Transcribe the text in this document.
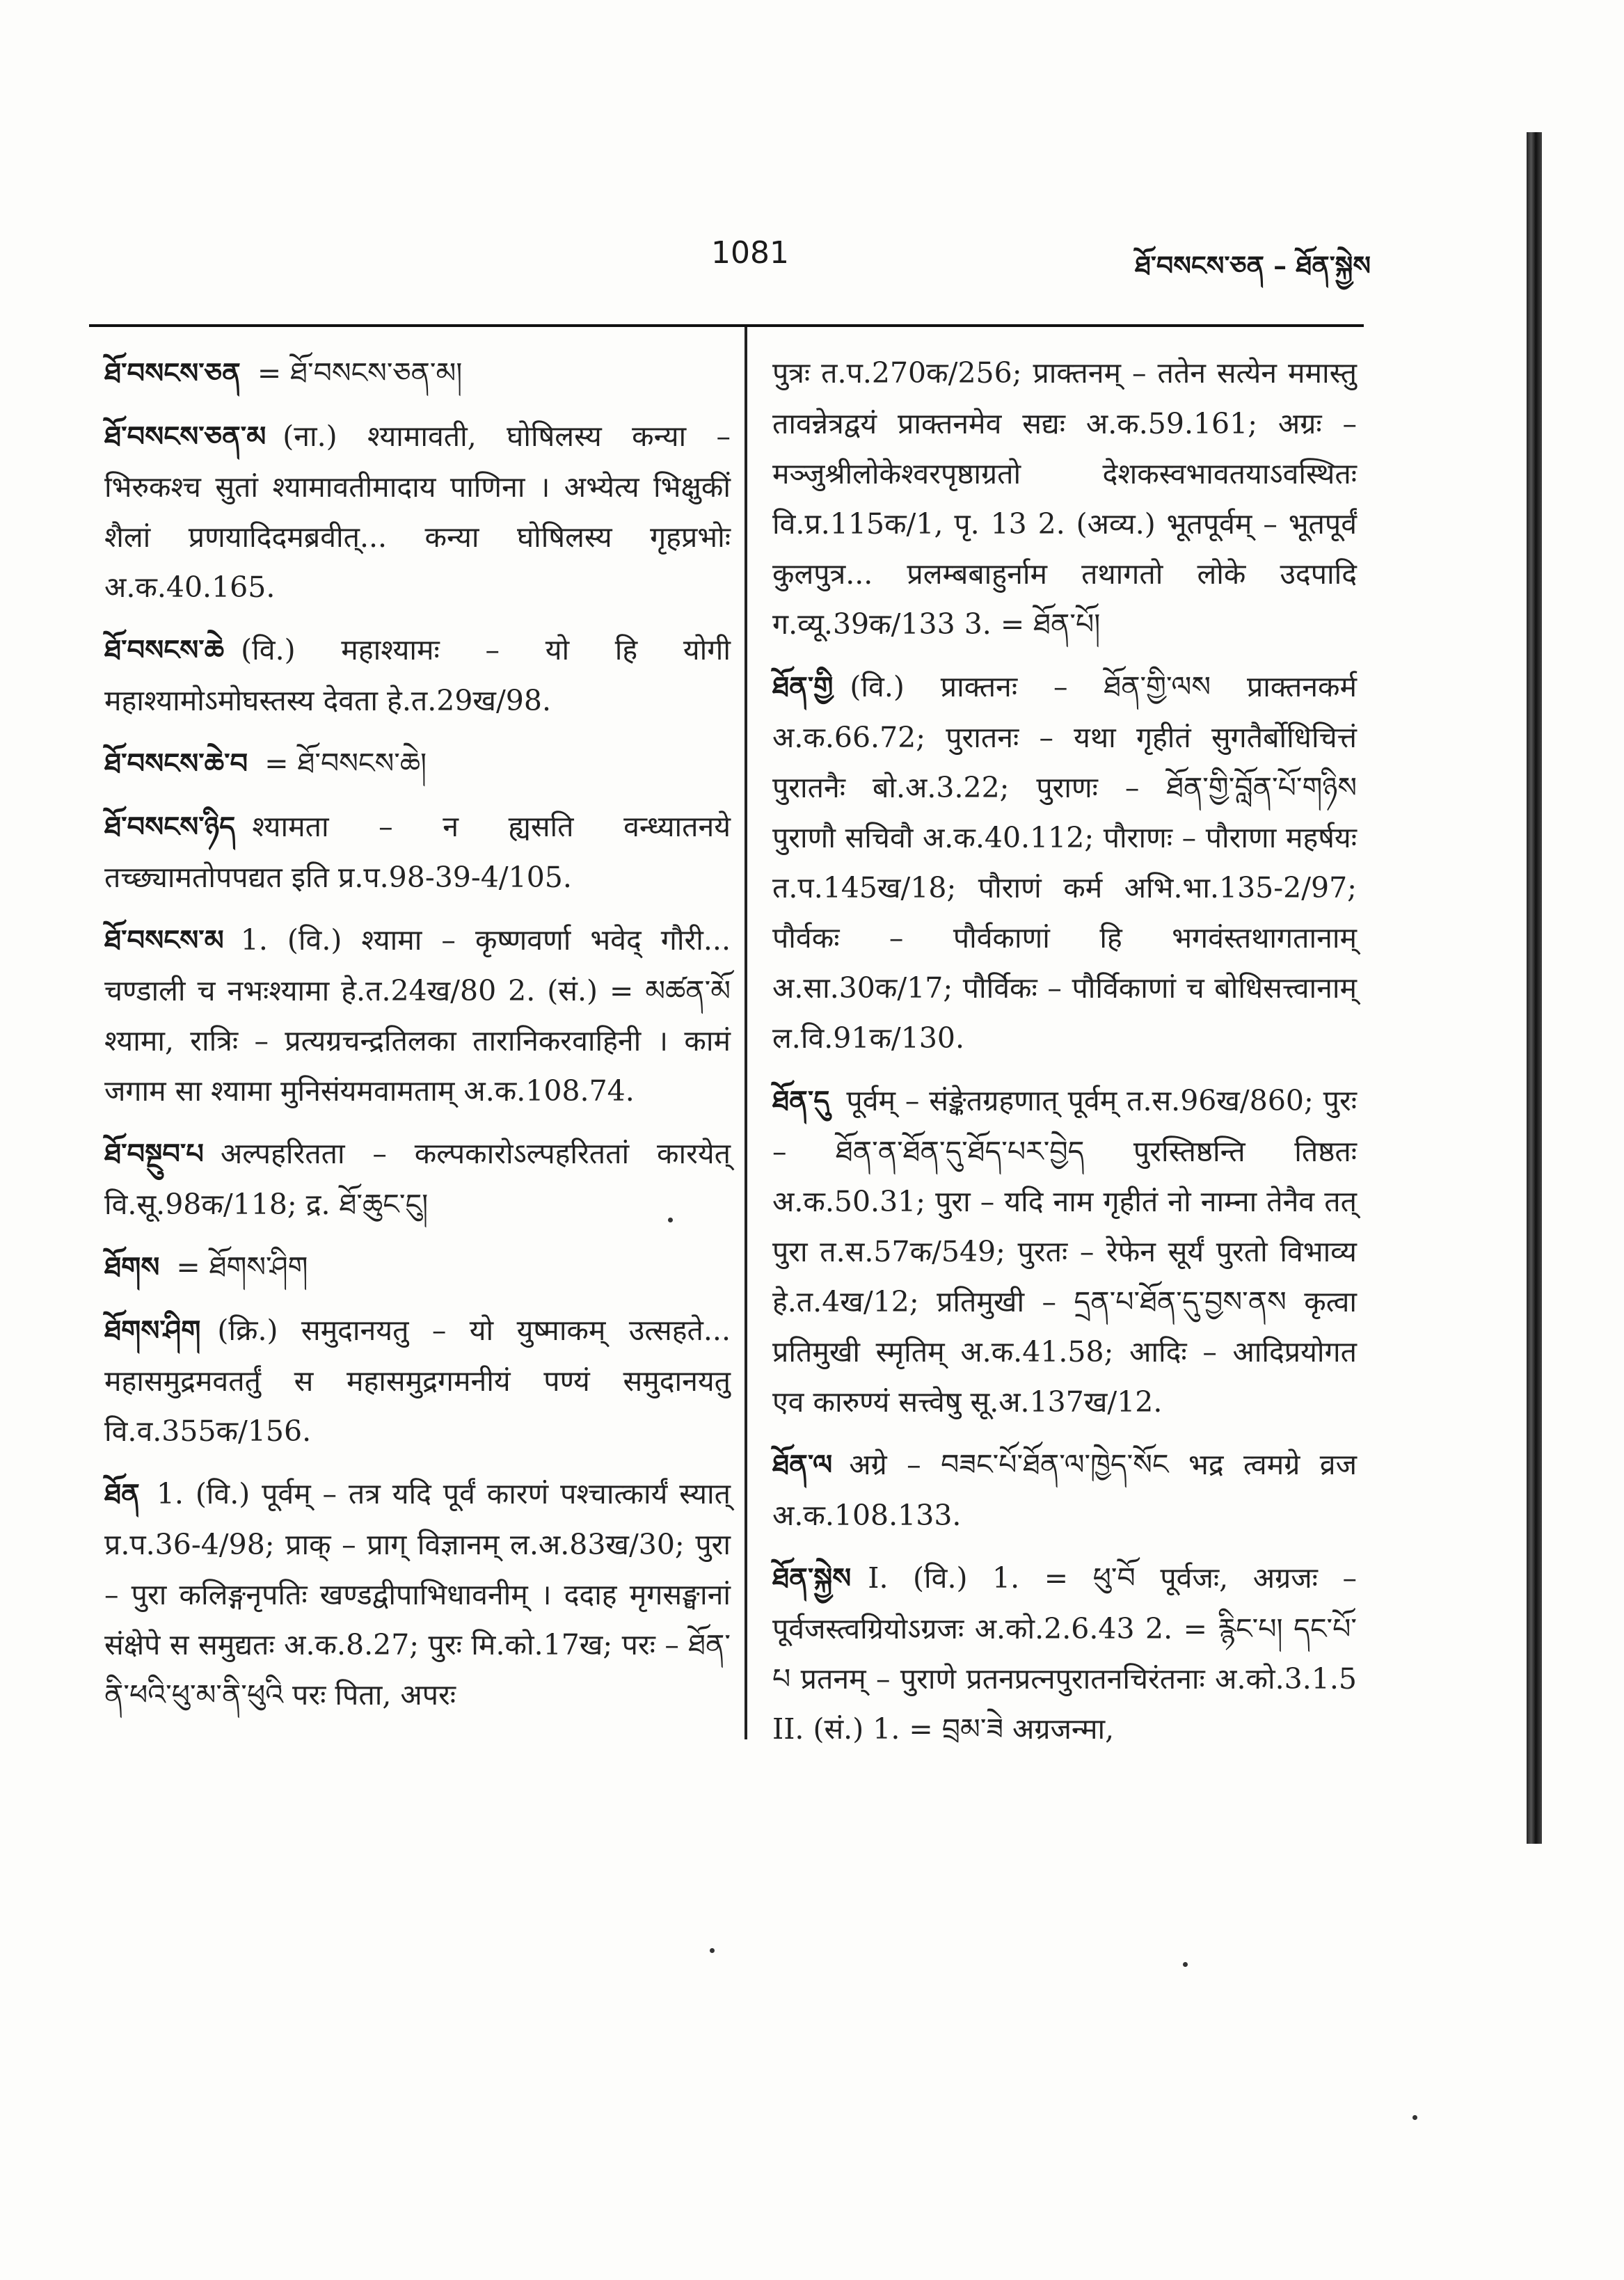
1081	ཐོ་བསངས་ཅན – ཐོན་སྐྱེས

ཐོ་བསངས་ཅན = ཐོ་བསངས་ཅན་མ།

ཐོ་བསངས་ཅན་མ (ना.) श्यामावती, घोषिलस्य कन्या – भिरुकश्च सुतां श्यामावतीमादाय पाणिना । अभ्येत्य भिक्षुकीं शैलां प्रणयादिदमब्रवीत्... कन्या घोषिलस्य गृहप्रभोः अ.क.40.165.

ཐོ་བསངས་ཆེ (वि.) महाश्यामः – यो हि योगी महाश्यामोऽमोघस्तस्य देवता हे.त.29ख/98.

ཐོ་བསངས་ཆེ་བ = ཐོ་བསངས་ཆེ།

ཐོ་བསངས་ཉིད श्यामता – न ह्यसति वन्ध्यातनये तच्छ्यामतोपपद्यत इति प्र.प.98-39-4/105.

ཐོ་བསངས་མ 1. (वि.) श्यामा – कृष्णवर्णा भवेद् गौरी... चण्डाली च नभःश्यामा हे.त.24ख/80 2. (सं.) = མཚན་མོ श्यामा, रात्रिः – प्रत्यग्रचन्द्रतिलका तारानिकरवाहिनी । कामं जगाम सा श्यामा मुनिसंयमवामताम् अ.क.108.74.

ཐོ་བསྔུབ་པ अल्पहरितता – कल्पकारोऽल्पहरिततां कारयेत् वि.सू.98क/118; द्र. ཐོ་ཆུང་ངུ།

ཐོགས = ཐོགས་ཤིག

ཐོགས་ཤིག (क्रि.) समुदानयतु – यो युष्माकम् उत्सहते... महासमुद्रमवतर्तुं स महासमुद्रगमनीयं पण्यं समुदानयतु वि.व.355क/156.

ཐོན 1. (वि.) पूर्वम् – तत्र यदि पूर्वं कारणं पश्चात्कार्यं स्यात् प्र.प.36-4/98; प्राक् – प्राग् विज्ञानम् ल.अ.83ख/30; पुरा – पुरा कलिङ्गनृपतिः खण्डद्वीपाभिधावनीम् । ददाह मृगसङ्घानां संक्षेपे स समुद्यतः अ.क.8.27; पुरः मि.को.17ख; परः – ཐོན་ནི་ཕའི་ཕུ་མ་ནི་ཕུའི परः पिता, अपरः

पुत्रः त.प.270क/256; प्राक्तनम् – ततेन सत्येन ममास्तु तावन्नेत्रद्वयं प्राक्तनमेव सद्यः अ.क.59.161; अग्रः – मञ्जुश्रीलोकेश्वरपृष्ठाग्रतो देशकस्वभावतयाऽवस्थितः वि.प्र.115क/1, पृ. 13 2. (अव्य.) भूतपूर्वम् – भूतपूर्वं कुलपुत्र... प्रलम्बबाहुर्नाम तथागतो लोके उदपादि ग.व्यू.39क/133 3. = ཐོན་པོ།

ཐོན་གྱི (वि.) प्राक्तनः – ཐོན་གྱི་ལས प्राक्तनकर्म अ.क.66.72; पुरातनः – यथा गृहीतं सुगतैर्बोधिचित्तं पुरातनैः बो.अ.3.22; पुराणः – ཐོན་གྱི་བློན་པོ་གཉིས पुराणौ सचिवौ अ.क.40.112; पौराणः – पौराणा महर्षयः त.प.145ख/18; पौराणं कर्म अभि.भा.135-2/97; पौर्वकः – पौर्वकाणां हि भगवंस्तथागतानाम् अ.सा.30क/17; पौर्विकः – पौर्विकाणां च बोधिसत्त्वानाम् ल.वि.91क/130.

ཐོན་དུ पूर्वम् – संङ्केतग्रहणात् पूर्वम् त.स.96ख/860; पुरः – ཐོན་ན་ཐོན་དུ་ཐོད་པར་བྱེད पुरस्तिष्ठन्ति तिष्ठतः अ.क.50.31; पुरा – यदि नाम गृहीतं नो नाम्ना तेनैव तत् पुरा त.स.57क/549; पुरतः – रेफेन सूर्यं पुरतो विभाव्य हे.त.4ख/12; प्रतिमुखी – དྲན་པ་ཐོན་དུ་བྱས་ནས कृत्वा प्रतिमुखी स्मृतिम् अ.क.41.58; आदिः – आदिप्रयोगत एव कारुण्यं सत्त्वेषु सू.अ.137ख/12.

ཐོན་ལ अग्रे – བཟང་པོ་ཐོན་ལ་ཁྱེད་སོང भद्र त्वमग्रे व्रज अ.क.108.133.

ཐོན་སྐྱེས I. (वि.) 1. = ཕུ་བོ पूर्वजः, अग्रजः – पूर्वजस्त्वग्रियोऽग्रजः अ.को.2.6.43 2. = རྙིང་པ། དང་པོ་པ प्रतनम् – पुराणे प्रतनप्रत्नपुरातनचिरंतनाः अ.को.3.1.5 II. (सं.) 1. = བྲམ་ཟེ अग्रजन्मा,
